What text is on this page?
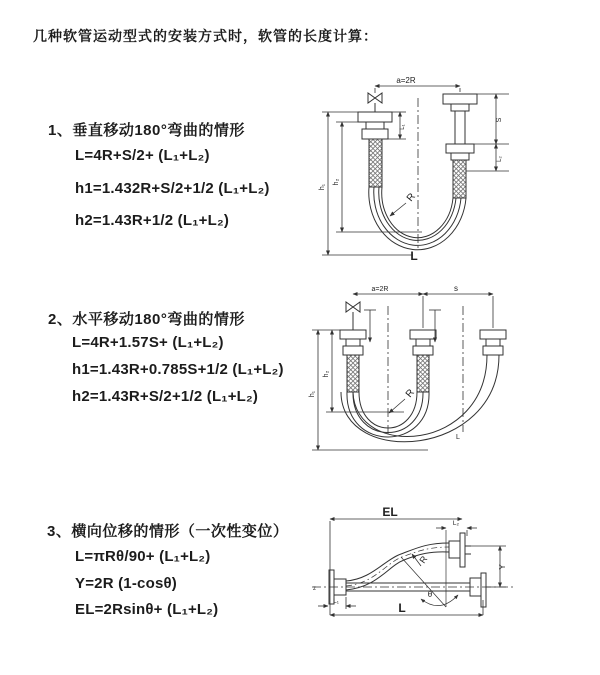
几种软管运动型式的安装方式时，软管的长度计算：
1、垂直移动180°弯曲的情形
L=4R+S/2+ (L₁+L₂)
h1=1.432R+S/2+1/2 (L₁+L₂)
h2=1.43R+1/2 (L₁+L₂)
2、水平移动180°弯曲的情形
L=4R+1.57S+ (L₁+L₂)
h1=1.43R+0.785S+1/2 (L₁+L₂)
h2=1.43R+S/2+1/2 (L₁+L₂)
3、横向位移的情形（一次性变位）
L=πRθ/90+ (L₁+L₂)
Y=2R (1-cosθ)
EL=2Rsinθ+ (L₁+L₂)
a=2R
h₁
h₂
L₁
S
L₂
R
L
a=2R	s
h₁
h₂
R
L
EL
L₂
Y
R
θ
L₁	L
z
